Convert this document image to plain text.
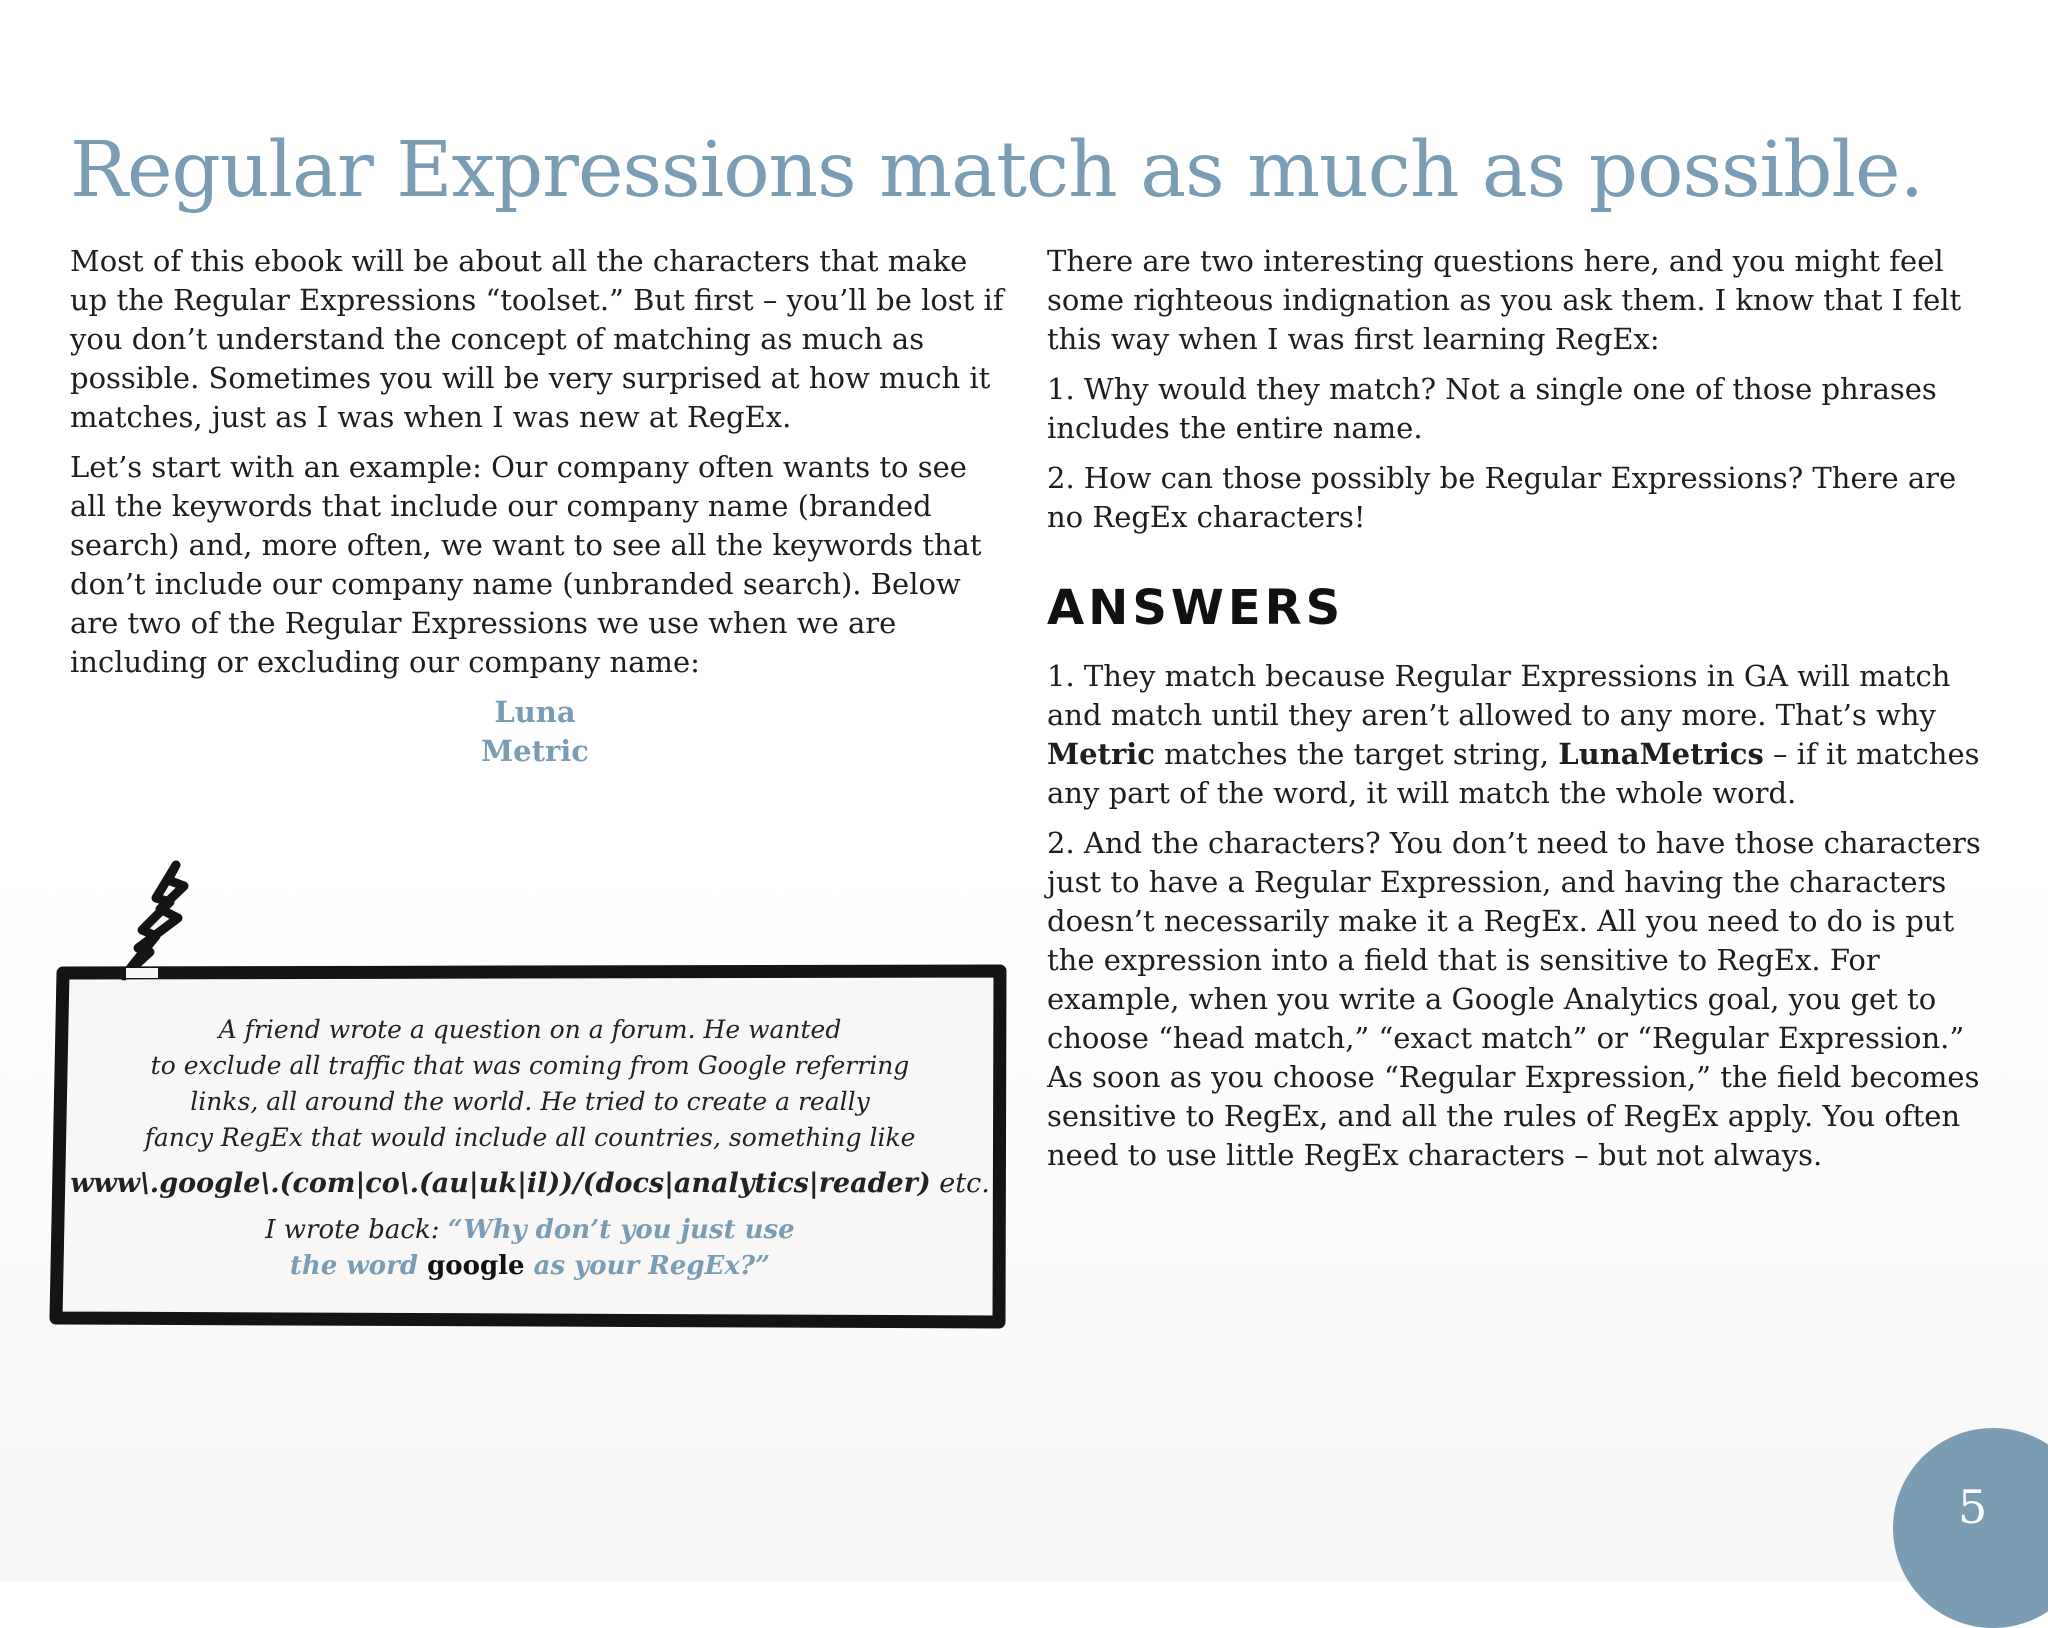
Regular Expressions match as much as possible.

Most of this ebook will be about all the characters that make up the Regular Expressions “toolset.” But first – you’ll be lost if you don’t understand the concept of matching as much as possible. Sometimes you will be very surprised at how much it matches, just as I was when I was new at RegEx.

Let’s start with an example: Our company often wants to see all the keywords that include our company name (branded search) and, more often, we want to see all the keywords that don’t include our company name (unbranded search). Below are two of the Regular Expressions we use when we are including or excluding our company name:

Luna
Metric
A friend wrote a question on a forum. He wanted
to exclude all traffic that was coming from Google referring
links, all around the world. He tried to create a really
fancy RegEx that would include all countries, something like
www\.google\.(com|co\.(au|uk|il))/(docs|analytics|reader) etc.
I wrote back: “Why don’t you just use
the word google as your RegEx?”

There are two interesting questions here, and you might feel some righteous indignation as you ask them. I know that I felt this way when I was first learning RegEx:

1. Why would they match? Not a single one of those phrases includes the entire name.

2. How can those possibly be Regular Expressions? There are no RegEx characters!

ANSWERS

1. They match because Regular Expressions in GA will match and match until they aren’t allowed to any more. That’s why Metric matches the target string, LunaMetrics – if it matches any part of the word, it will match the whole word.

2. And the characters? You don’t need to have those characters just to have a Regular Expression, and having the characters doesn’t necessarily make it a RegEx. All you need to do is put the expression into a field that is sensitive to RegEx. For example, when you write a Google Analytics goal, you get to choose “head match,” “exact match” or “Regular Expression.” As soon as you choose “Regular Expression,” the field becomes sensitive to RegEx, and all the rules of RegEx apply. You often need to use little RegEx characters – but not always.

5
